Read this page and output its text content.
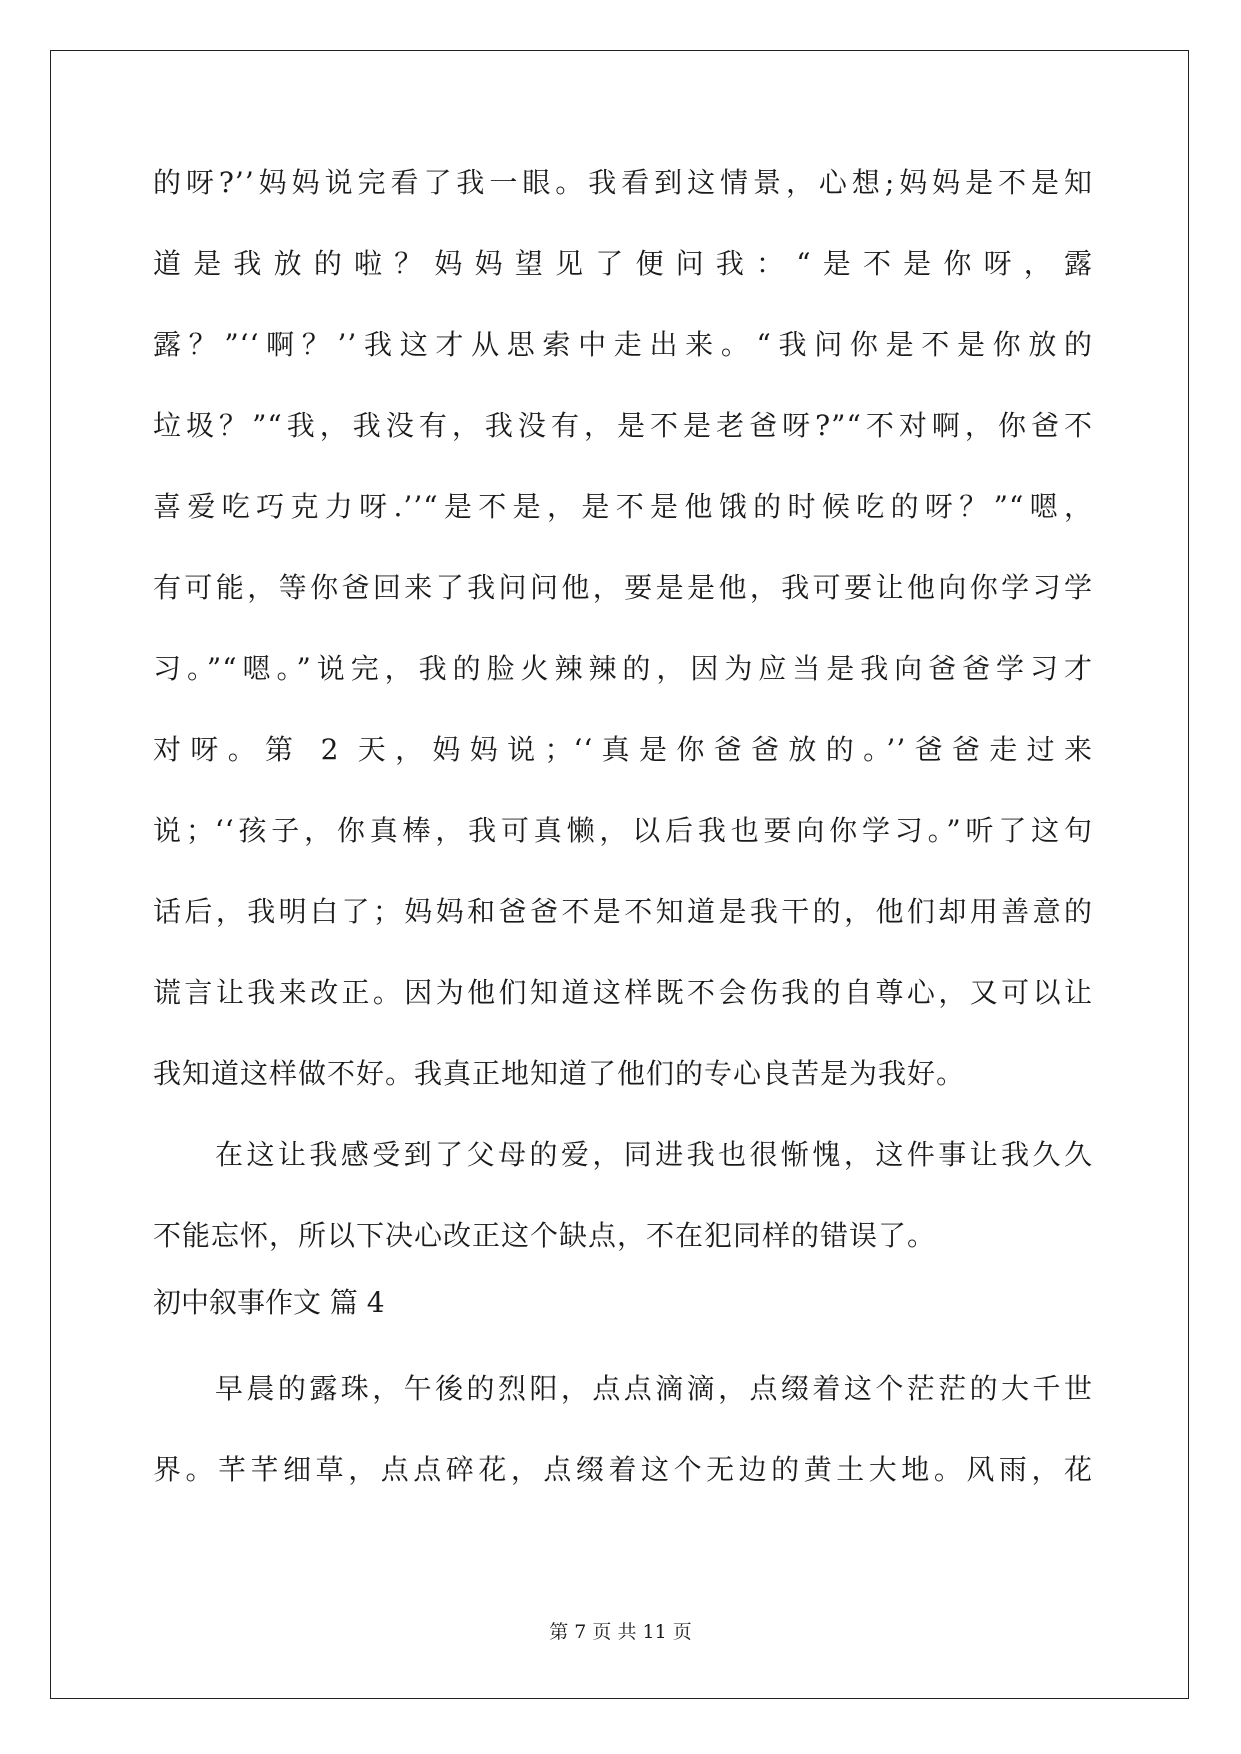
的呀?’’妈妈说完看了我一眼。我看到这情景，心想;妈妈是不是知
道是我放的啦？妈妈望见了便问我：“是不是你呀，露
露？”‘‘啊？’’我这才从思索中走出来。“我问你是不是你放的
垃圾？”“我，我没有，我没有，是不是老爸呀?”“不对啊，你爸不
喜爱吃巧克力呀.’’“是不是，是不是他饿的时候吃的呀？”“嗯，
有可能，等你爸回来了我问问他，要是是他，我可要让他向你学习学
习。”“嗯。”说完，我的脸火辣辣的，因为应当是我向爸爸学习才
对呀。第 2 天，妈妈说；‘‘真是你爸爸放的。’’爸爸走过来
说；‘‘孩子，你真棒，我可真懒，以后我也要向你学习。”听了这句
话后，我明白了；妈妈和爸爸不是不知道是我干的，他们却用善意的
谎言让我来改正。因为他们知道这样既不会伤我的自尊心，又可以让
我知道这样做不好。我真正地知道了他们的专心良苦是为我好。
在这让我感受到了父母的爱，同进我也很惭愧，这件事让我久久
不能忘怀，所以下决心改正这个缺点，不在犯同样的错误了。
初中叙事作文 篇 4
早晨的露珠，午後的烈阳，点点滴滴，点缀着这个茫茫的大千世
界。芊芊细草，点点碎花，点缀着这个无边的黄土大地。风雨，花
第 7 页 共 11 页
